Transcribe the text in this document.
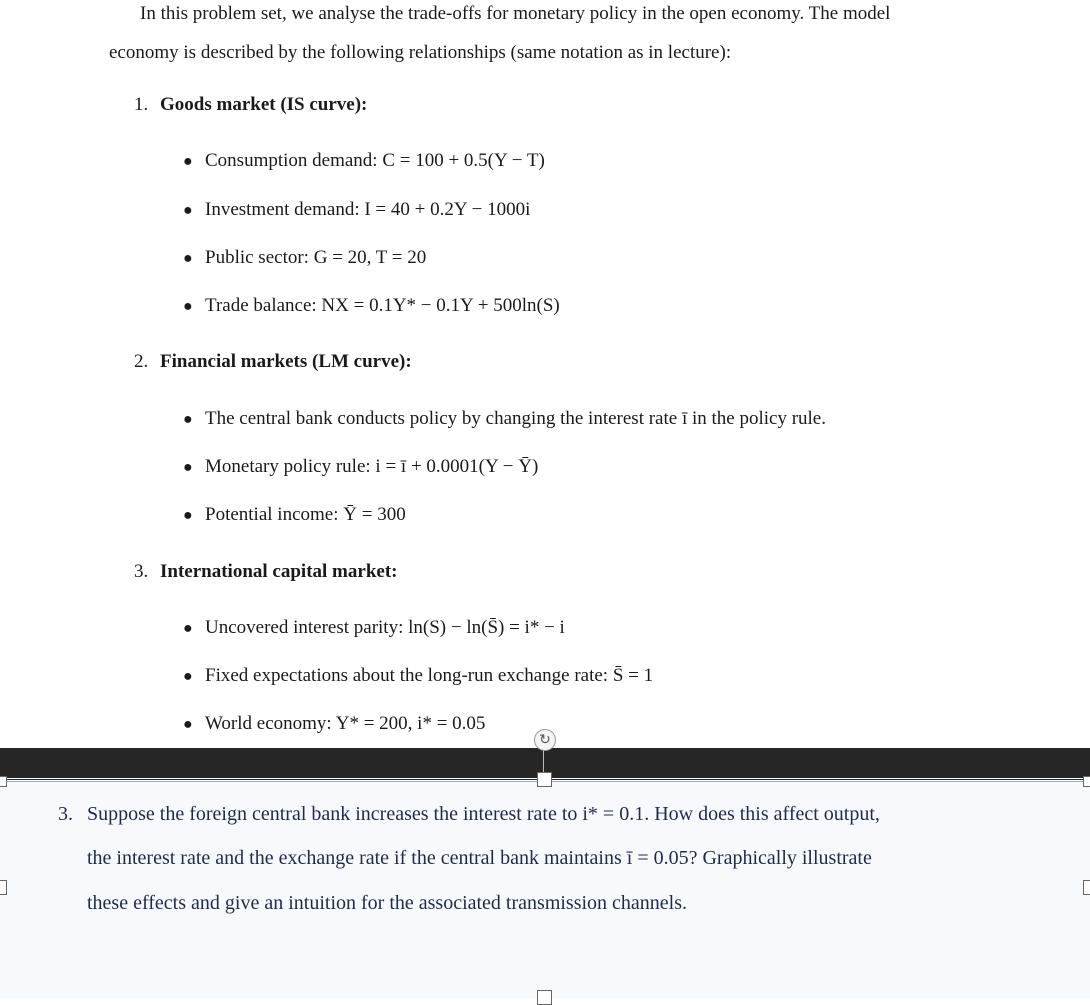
In this problem set, we analyse the trade-offs for monetary policy in the open economy. The model
economy is described by the following relationships (same notation as in lecture):
1. Goods market (IS curve):
● Consumption demand: C = 100 + 0.5(Y − T)
● Investment demand: I = 40 + 0.2Y − 1000i
● Public sector: G = 20, T = 20
● Trade balance: NX = 0.1Y* − 0.1Y + 500ln(S)
2. Financial markets (LM curve):
● The central bank conducts policy by changing the interest rate ī in the policy rule.
● Monetary policy rule: i = ī + 0.0001(Y − Ȳ)
● Potential income: Ȳ = 300
3. International capital market:
● Uncovered interest parity: ln(S) − ln(S̄) = i* − i
● Fixed expectations about the long-run exchange rate: S̄ = 1
● World economy: Y* = 200, i* = 0.05
3. Suppose the foreign central bank increases the interest rate to i* = 0.1. How does this affect output,
the interest rate and the exchange rate if the central bank maintains ī = 0.05? Graphically illustrate
these effects and give an intuition for the associated transmission channels.
↻
